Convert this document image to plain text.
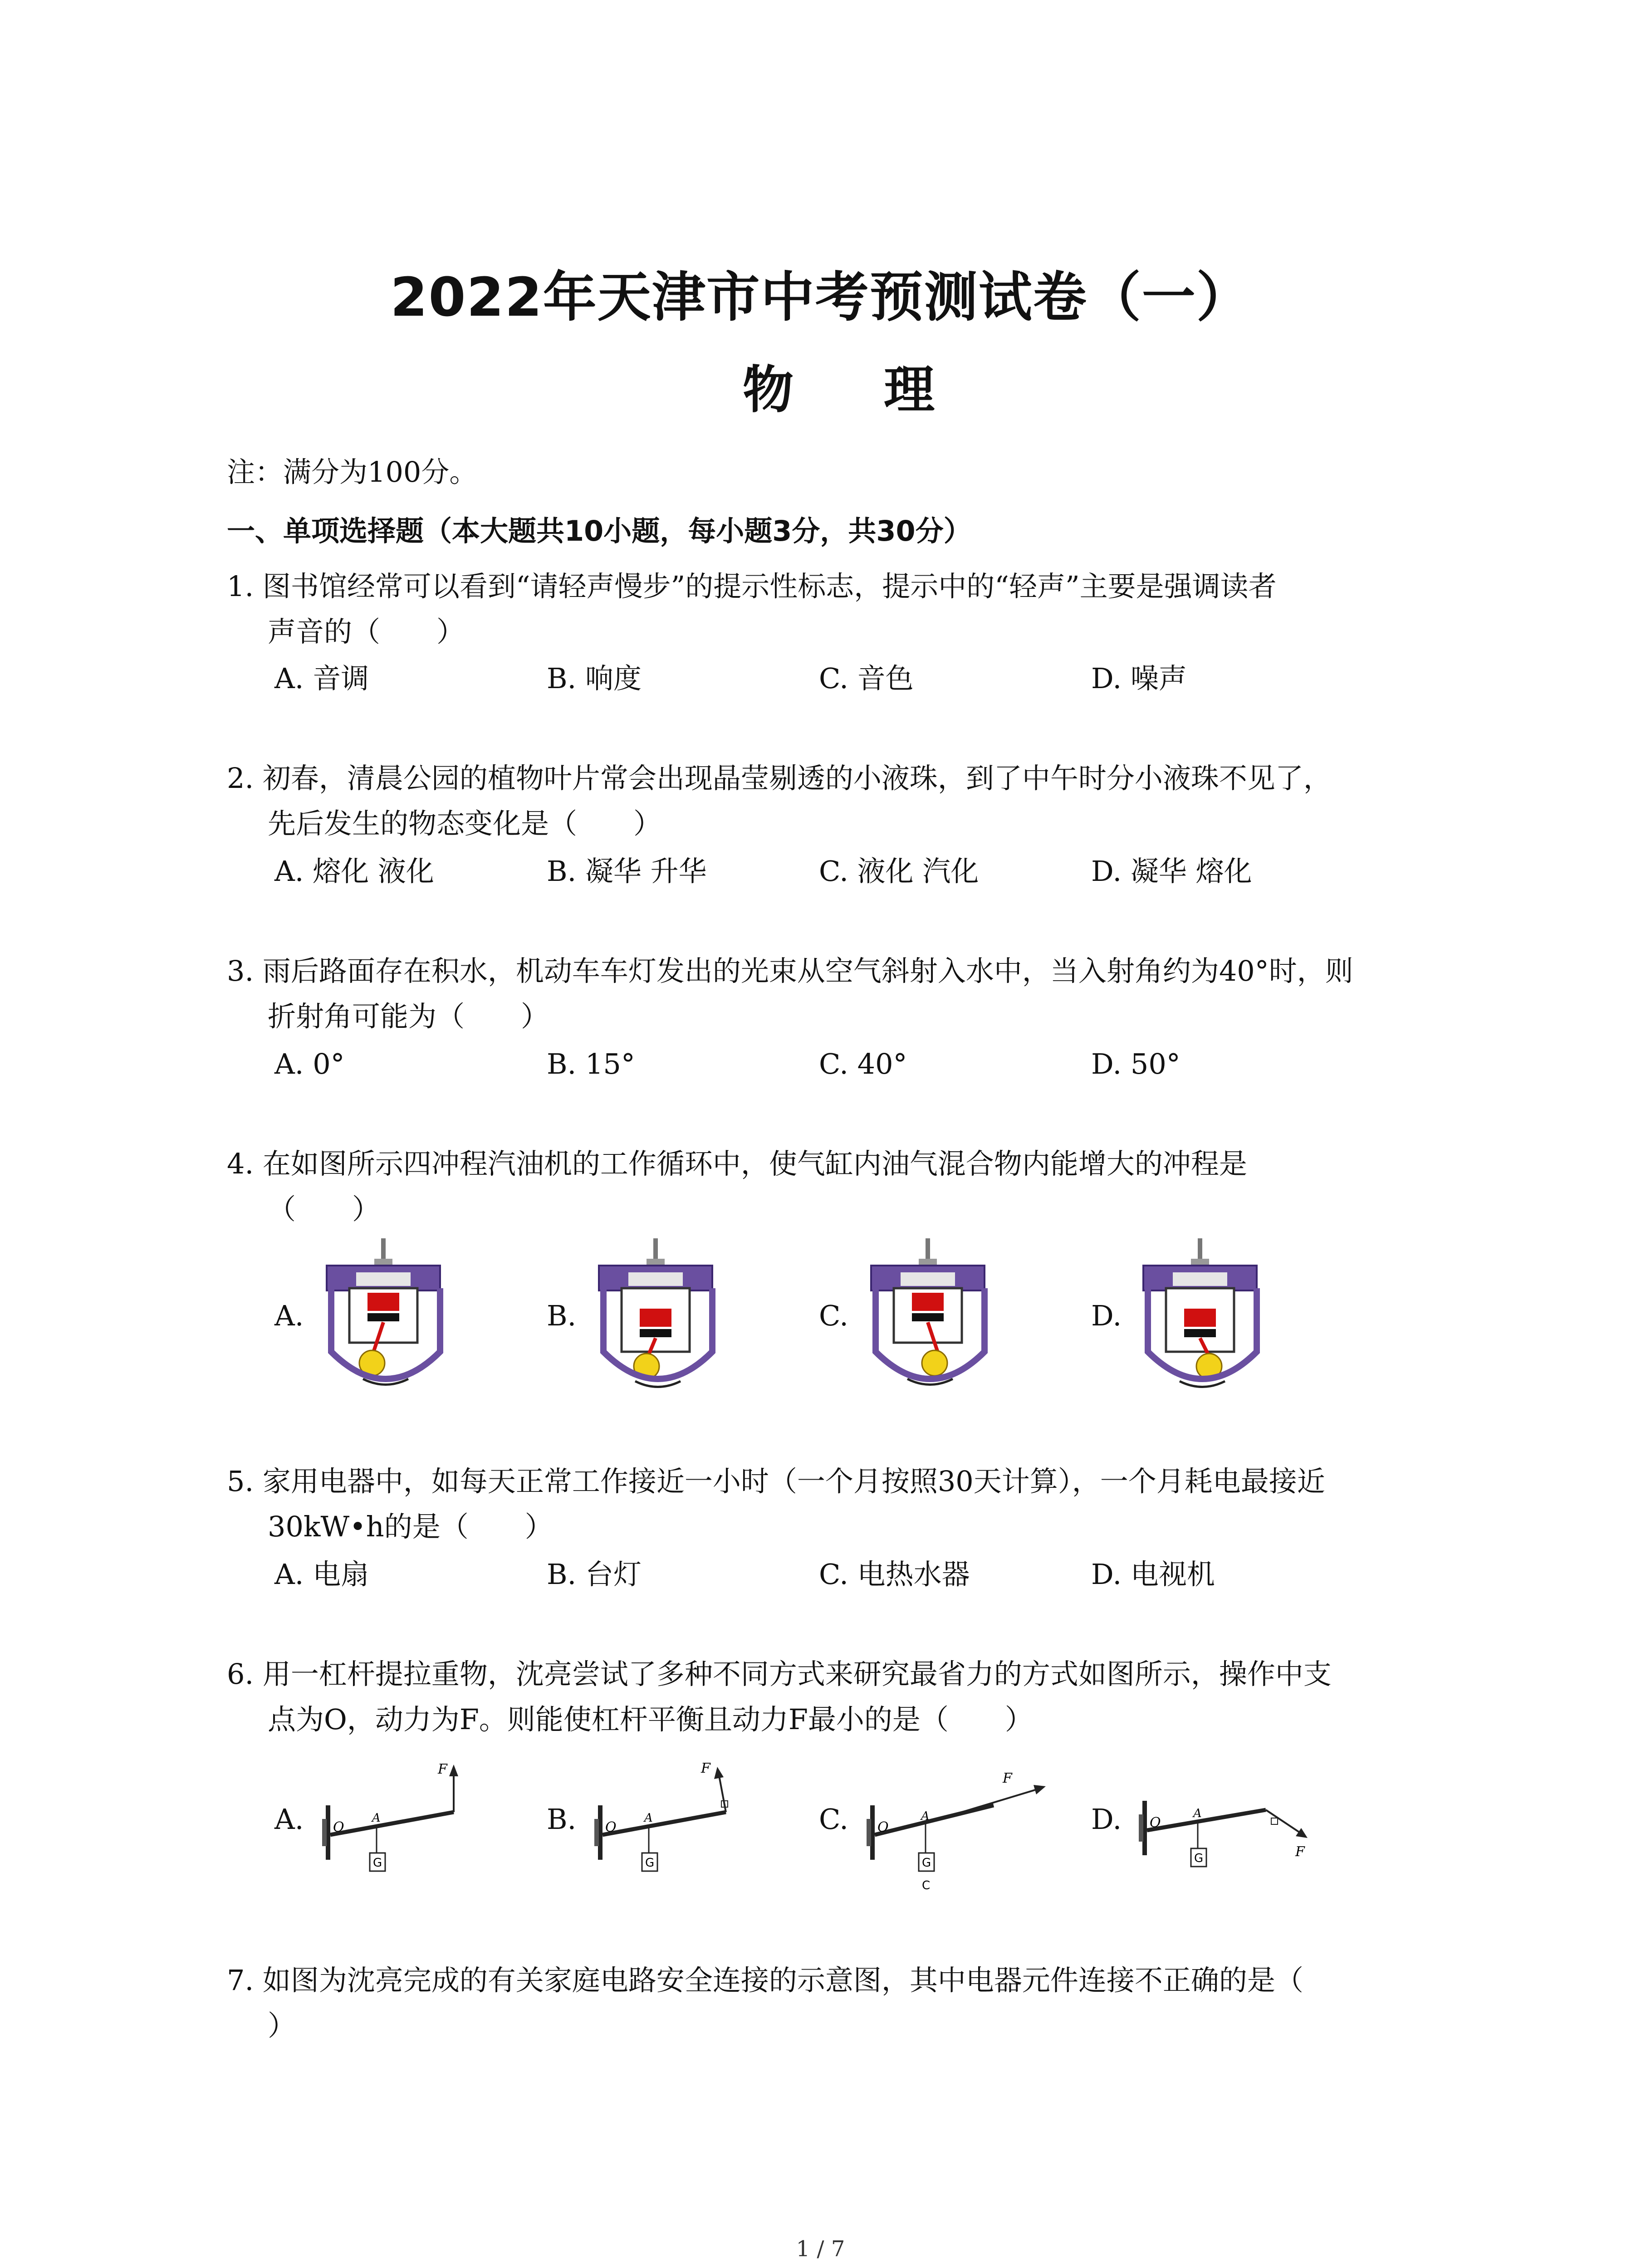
2022年天津市中考预测试卷（一）
物 理
注：满分为100分。
一、单项选择题（本大题共10小题，每小题3分，共30分）
1. 图书馆经常可以看到“请轻声慢步”的提示性标志，提示中的“轻声”主要是强调读者
声音的（　　）
A. 音调	B. 响度	C. 音色	D. 噪声
2. 初春，清晨公园的植物叶片常会出现晶莹剔透的小液珠，到了中午时分小液珠不见了，
先后发生的物态变化是（　　）
A. 熔化 液化	B. 凝华 升华	C. 液化 汽化	D. 凝华 熔化
3. 雨后路面存在积水，机动车车灯发出的光束从空气斜射入水中，当入射角约为40°时，则
折射角可能为（　　）
A. 0°	B. 15°	C. 40°	D. 50°
4. 在如图所示四冲程汽油机的工作循环中，使气缸内油气混合物内能增大的冲程是
（　　）
A.	B.	C.	D.
5. 家用电器中，如每天正常工作接近一小时（一个月按照30天计算），一个月耗电最接近
30kW•h的是（　　）
A. 电扇	B. 台灯	C. 电热水器	D. 电视机
6. 用一杠杆提拉重物，沈亮尝试了多种不同方式来研究最省力的方式如图所示，操作中支
点为O，动力为F。则能使杠杆平衡且动力F最小的是（　　）
A.	B.	C.	D.
F
O
A
G
F
O
A
G
F
O
A
G
C
F
O
A
G
7. 如图为沈亮完成的有关家庭电路安全连接的示意图，其中电器元件连接不正确的是（
）
1 / 7
